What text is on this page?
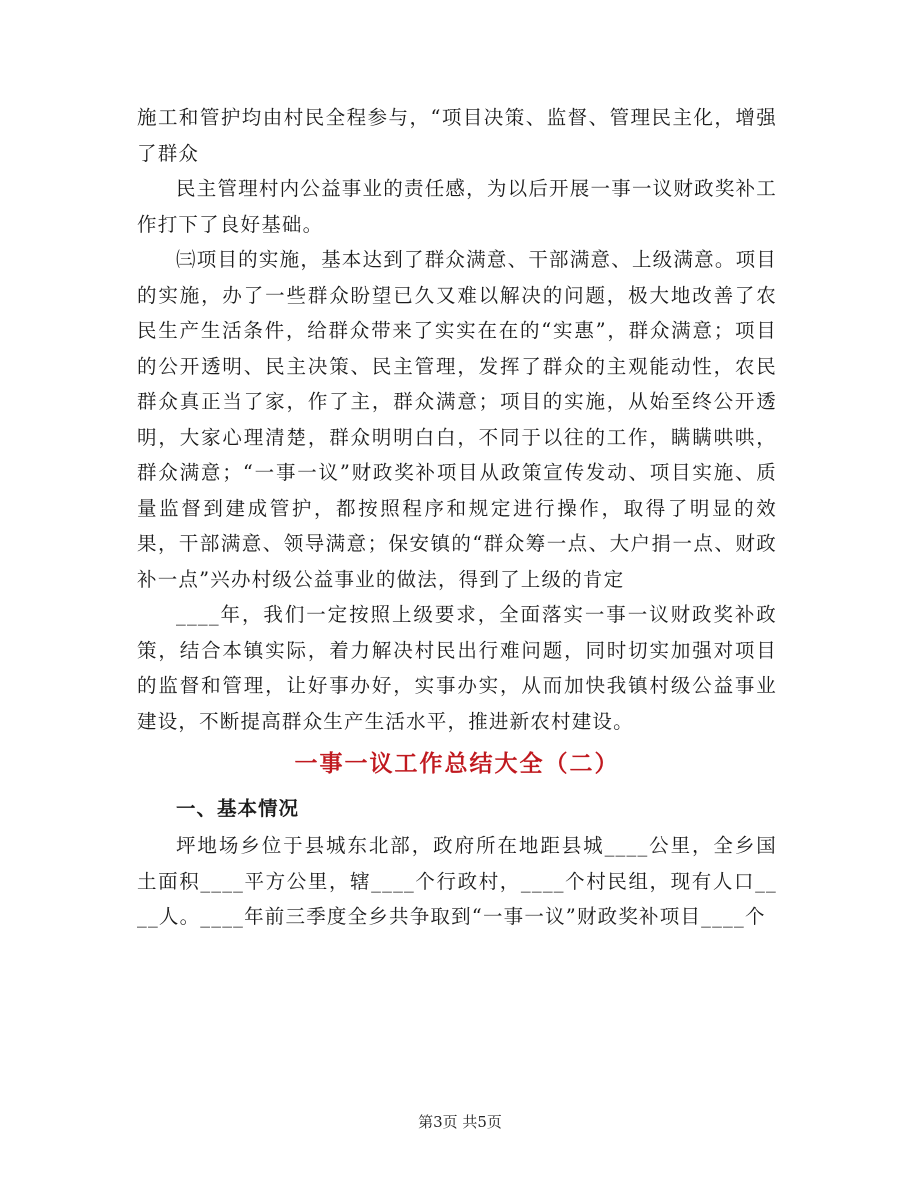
施工和管护均由村民全程参与，“项目决策、监督、管理民主化，增强了群众

民主管理村内公益事业的责任感，为以后开展一事一议财政奖补工作打下了良好基础。

㈢项目的实施，基本达到了群众满意、干部满意、上级满意。项目的实施，办了一些群众盼望已久又难以解决的问题，极大地改善了农民生产生活条件，给群众带来了实实在在的“实惠”，群众满意；项目的公开透明、民主决策、民主管理，发挥了群众的主观能动性，农民群众真正当了家，作了主，群众满意；项目的实施，从始至终公开透明，大家心理清楚，群众明明白白，不同于以往的工作，瞒瞒哄哄，群众满意；“一事一议”财政奖补项目从政策宣传发动、项目实施、质量监督到建成管护，都按照程序和规定进行操作，取得了明显的效果，干部满意、领导满意；保安镇的“群众筹一点、大户捐一点、财政补一点”兴办村级公益事业的做法，得到了上级的肯定

____年，我们一定按照上级要求，全面落实一事一议财政奖补政策，结合本镇实际，着力解决村民出行难问题，同时切实加强对项目的监督和管理，让好事办好，实事办实，从而加快我镇村级公益事业建设，不断提高群众生产生活水平，推进新农村建设。

一事一议工作总结大全（二）
一、基本情况

坪地场乡位于县城东北部，政府所在地距县城____公里，全乡国土面积____平方公里，辖____个行政村，____个村民组，现有人口____人。____年前三季度全乡共争取到“一事一议”财政奖补项目____个

第3页 共5页
